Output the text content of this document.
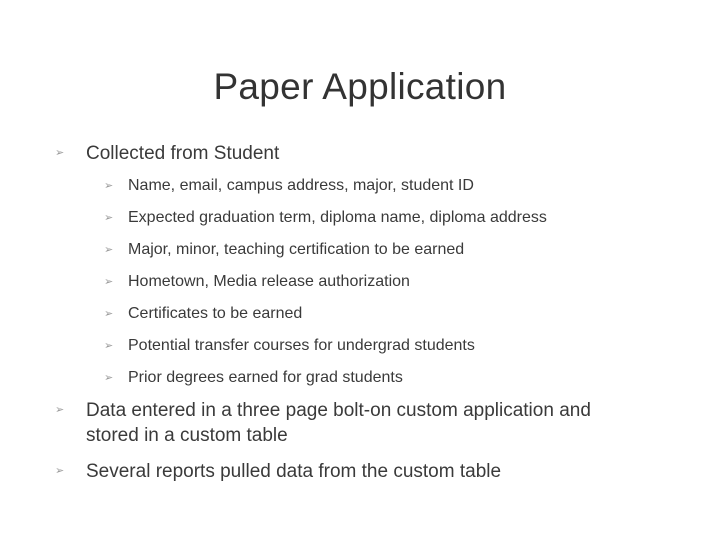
Paper Application
➢ Collected from Student
➢ Name, email, campus address, major, student ID
➢ Expected graduation term, diploma name, diploma address
➢ Major, minor, teaching certification to be earned
➢ Hometown, Media release authorization
➢ Certificates to be earned
➢ Potential transfer courses for undergrad students
➢ Prior degrees earned for grad students
➢ Data entered in a three page bolt-on custom application and
stored in a custom table
➢ Several reports pulled data from the custom table
